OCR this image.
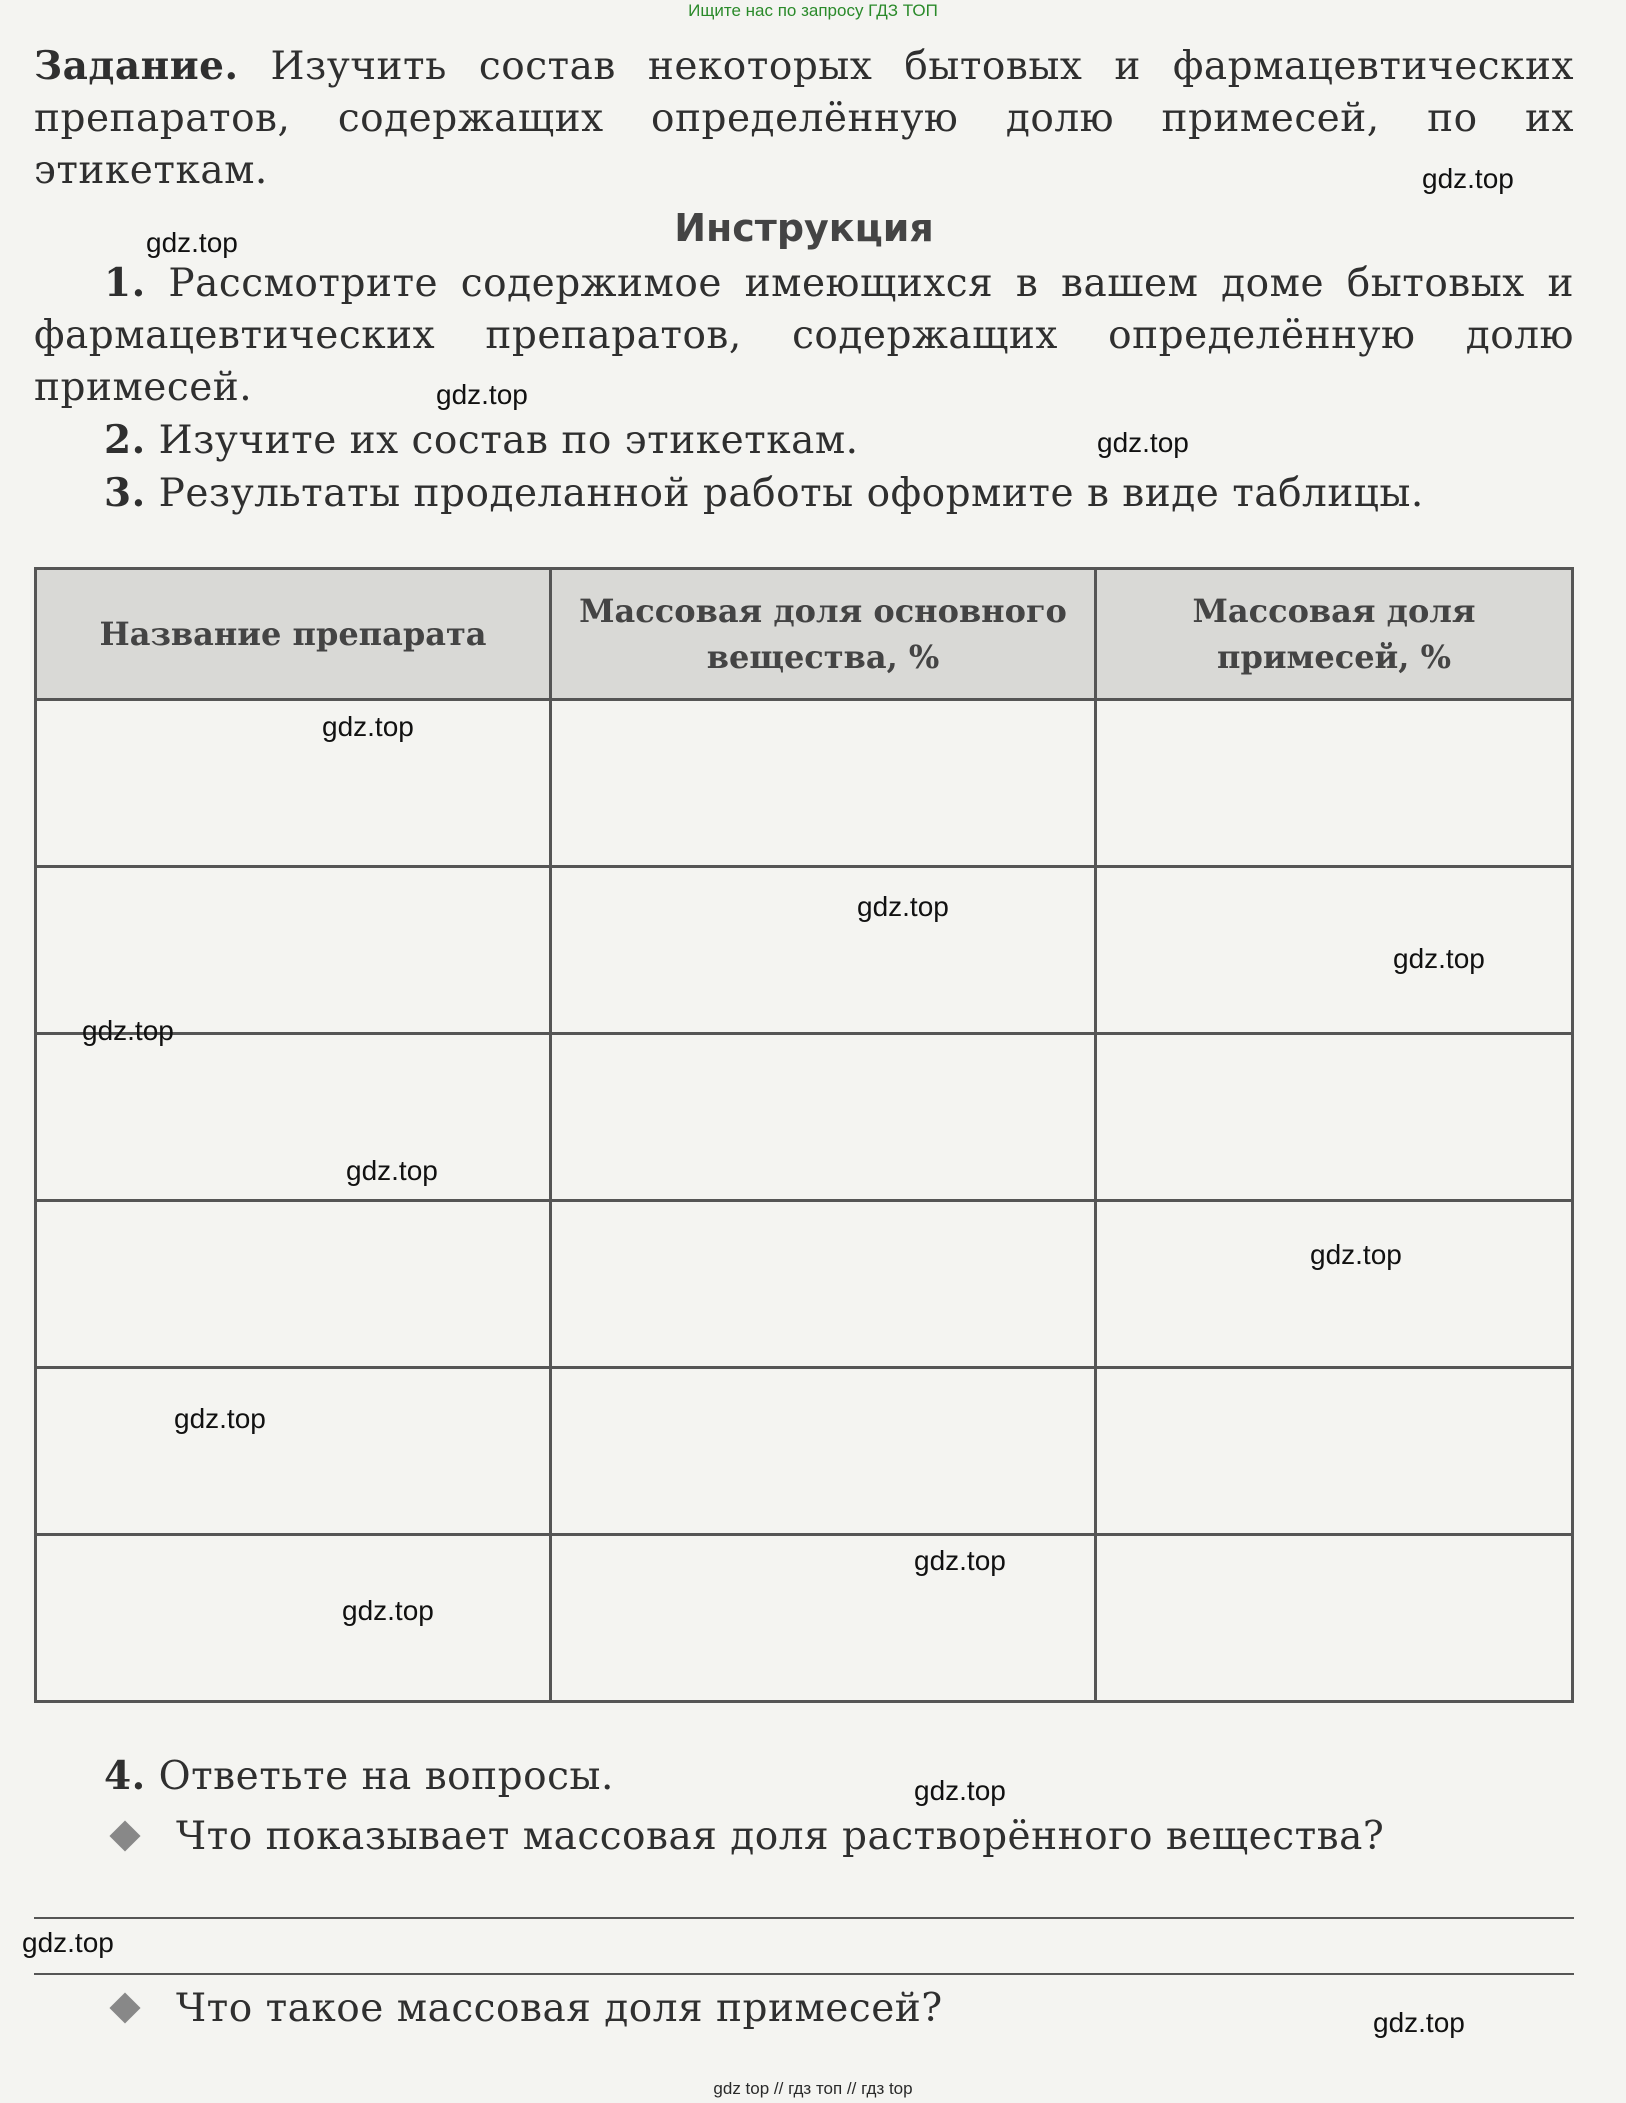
Ищите нас по запросу ГДЗ ТОП

Задание. Изучить состав некоторых бытовых и фармацевтических препаратов, содержащих определённую долю примесей, по их этикеткам.

Инструкция

1. Рассмотрите содержимое имеющихся в вашем доме бытовых и фармацевтических препаратов, содержащих определённую долю примесей.

2. Изучите их состав по этикеткам.

3. Результаты проделанной работы оформите в виде таблицы.

Название препарата	Массовая доля основного вещества, %	Массовая доля примесей, %

4. Ответьте на вопросы.

Что показывает массовая доля растворённого вещества?
Что такое массовая доля примесей?
gdz.top
gdz.top
gdz.top
gdz.top
gdz.top
gdz.top
gdz.top
gdz.top
gdz.top
gdz.top
gdz.top
gdz.top
gdz.top
gdz.top
gdz.top
gdz.top
gdz top // гдз топ // гдз top
